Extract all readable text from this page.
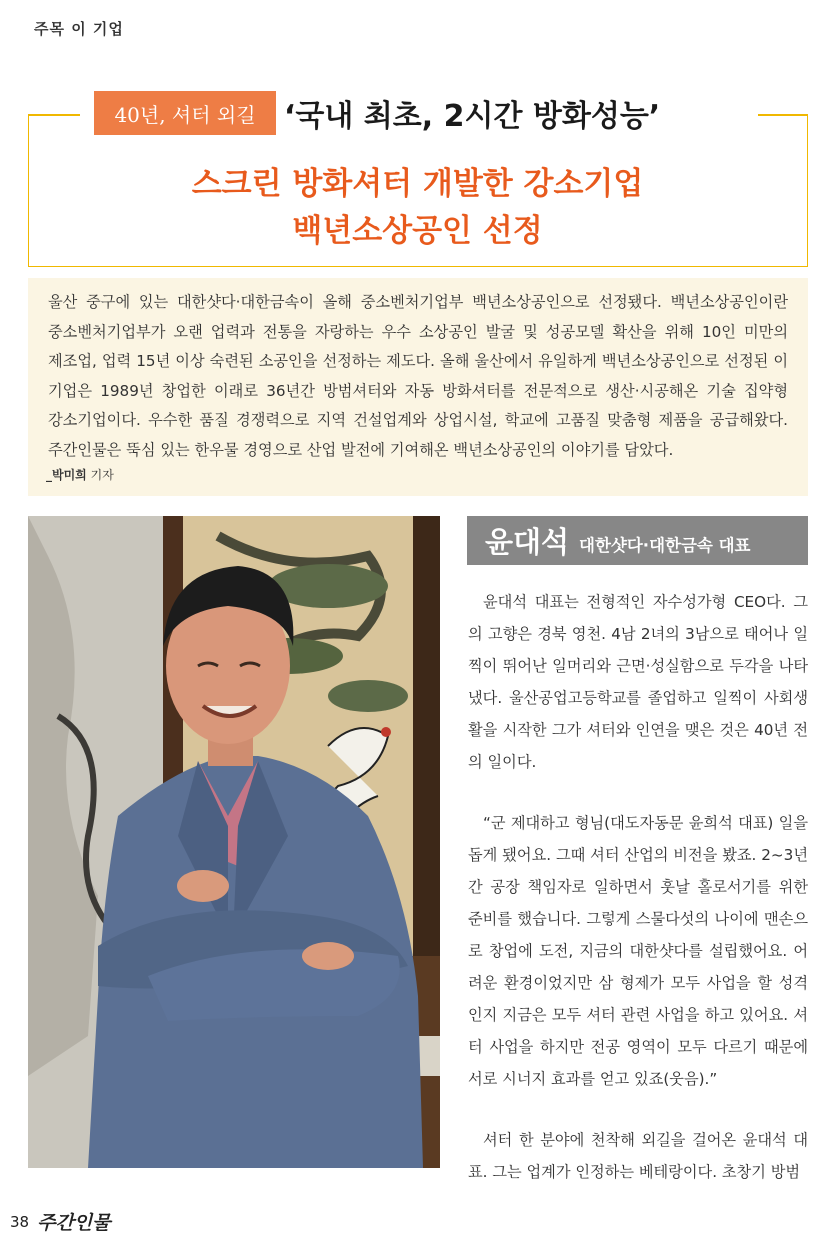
주목 이 기업
40년, 셔터 외길 ‘국내 최초, 2시간 방화성능’
스크린 방화셔터 개발한 강소기업
백년소상공인 선정

울산 중구에 있는 대한샷다·대한금속이 올해 중소벤처기업부 백년소상공인으로 선정됐다. 백년소상공인이란 중소벤처기업부가 오랜 업력과 전통을 자랑하는 우수 소상공인 발굴 및 성공모델 확산을 위해 10인 미만의 제조업, 업력 15년 이상 숙련된 소공인을 선정하는 제도다. 올해 울산에서 유일하게 백년소상공인으로 선정된 이 기업은 1989년 창업한 이래로 36년간 방범셔터와 자동 방화셔터를 전문적으로 생산·시공해온 기술 집약형 강소기업이다. 우수한 품질 경쟁력으로 지역 건설업계와 상업시설, 학교에 고품질 맞춤형 제품을 공급해왔다. 주간인물은 뚝심 있는 한우물 경영으로 산업 발전에 기여해온 백년소상공인의 이야기를 담았다.

_박미희 기자
윤대석 대한샷다·대한금속 대표

윤대석 대표는 전형적인 자수성가형 CEO다. 그의 고향은 경북 영천. 4남 2녀의 3남으로 태어나 일찍이 뛰어난 일머리와 근면·성실함으로 두각을 나타냈다. 울산공업고등학교를 졸업하고 일찍이 사회생활을 시작한 그가 셔터와 인연을 맺은 것은 40년 전의 일이다.

“군 제대하고 형님(대도자동문 윤희석 대표) 일을 돕게 됐어요. 그때 셔터 산업의 비전을 봤죠. 2~3년간 공장 책임자로 일하면서 훗날 홀로서기를 위한 준비를 했습니다. 그렇게 스물다섯의 나이에 맨손으로 창업에 도전, 지금의 대한샷다를 설립했어요. 어려운 환경이었지만 삼 형제가 모두 사업을 할 성격인지 지금은 모두 셔터 관련 사업을 하고 있어요. 셔터 사업을 하지만 전공 영역이 모두 다르기 때문에 서로 시너지 효과를 얻고 있죠(웃음).”

셔터 한 분야에 천착해 외길을 걸어온 윤대석 대표. 그는 업계가 인정하는 베테랑이다. 초창기 방범

38 주간인물
